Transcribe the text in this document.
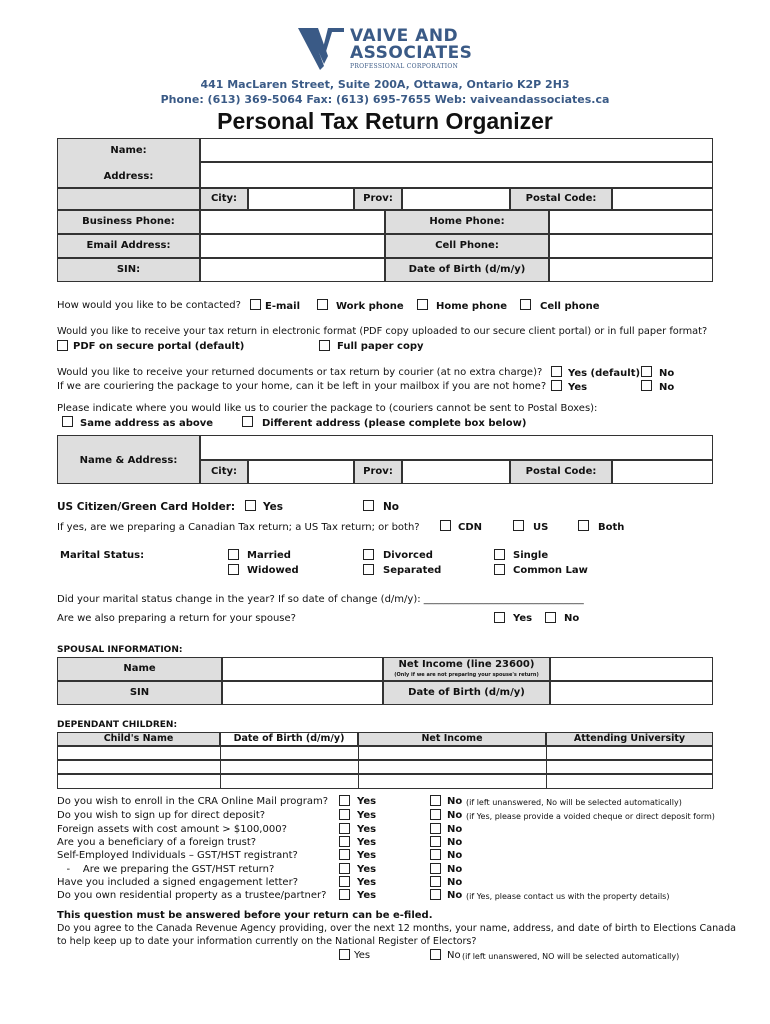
VAIVE AND
ASSOCIATES
PROFESSIONAL CORPORATION
441 MacLaren Street, Suite 200A, Ottawa, Ontario K2P 2H3
Phone: (613) 369-5064 Fax: (613) 695-7655 Web: vaiveandassociates.ca
Personal Tax Return Organizer
Name:
Address:
City:	Prov:	Postal Code:
Business Phone:	Home Phone:
Email Address:	Cell Phone:
SIN:	Date of Birth (d/m/y)
How would you like to be contacted? E-mail	Work phone	Home phone	Cell phone
Would you like to receive your tax return in electronic format (PDF copy uploaded to our secure client portal) or in full paper format?
PDF on secure portal (default)	Full paper copy
Would you like to receive your returned documents or tax return by courier (at no extra charge)?	Yes (default) No
If we are couriering the package to your home, can it be left in your mailbox if you are not home? Yes	No
Please indicate where you would like us to courier the package to (couriers cannot be sent to Postal Boxes):
Same address as above	Different address (please complete box below)
Name & Address:
City:	Prov:	Postal Code:
US Citizen/Green Card Holder:	Yes	No
If yes, are we preparing a Canadian Tax return; a US Tax return; or both?	CDN	US	Both
Marital Status:	Married
Widowed
Divorced
Separated
Single
Common Law
Did your marital status change in the year? If so date of change (d/m/y): ________________________________
Are we also preparing a return for your spouse?	Yes	No
SPOUSAL INFORMATION:
Name	Net Income (line 23600)
(Only if we are not preparing your spouse's return)
SIN	Date of Birth (d/m/y)
DEPENDANT CHILDREN:
Child's Name	Date of Birth (d/m/y)	Net Income	Attending University
Do you wish to enroll in the CRA Online Mail program?	Yes	No (if left unanswered, No will be selected automatically)
Do you wish to sign up for direct deposit?	Yes	No (if Yes, please provide a voided cheque or direct deposit form)
Foreign assets with cost amount > $100,000?	Yes	No
Are you a beneficiary of a foreign trust?	Yes	No
Self-Employed Individuals – GST/HST registrant?	Yes	No
-    Are we preparing the GST/HST return?	Yes	No
Have you included a signed engagement letter?	Yes	No
Do you own residential property as a trustee/partner?	Yes	No (if Yes, please contact us with the property details)
This question must be answered before your return can be e-filed.
Do you agree to the Canada Revenue Agency providing, over the next 12 months, your name, address, and date of birth to Elections Canada
to help keep up to date your information currently on the National Register of Electors?
Yes	No (if left unanswered, NO will be selected automatically)
